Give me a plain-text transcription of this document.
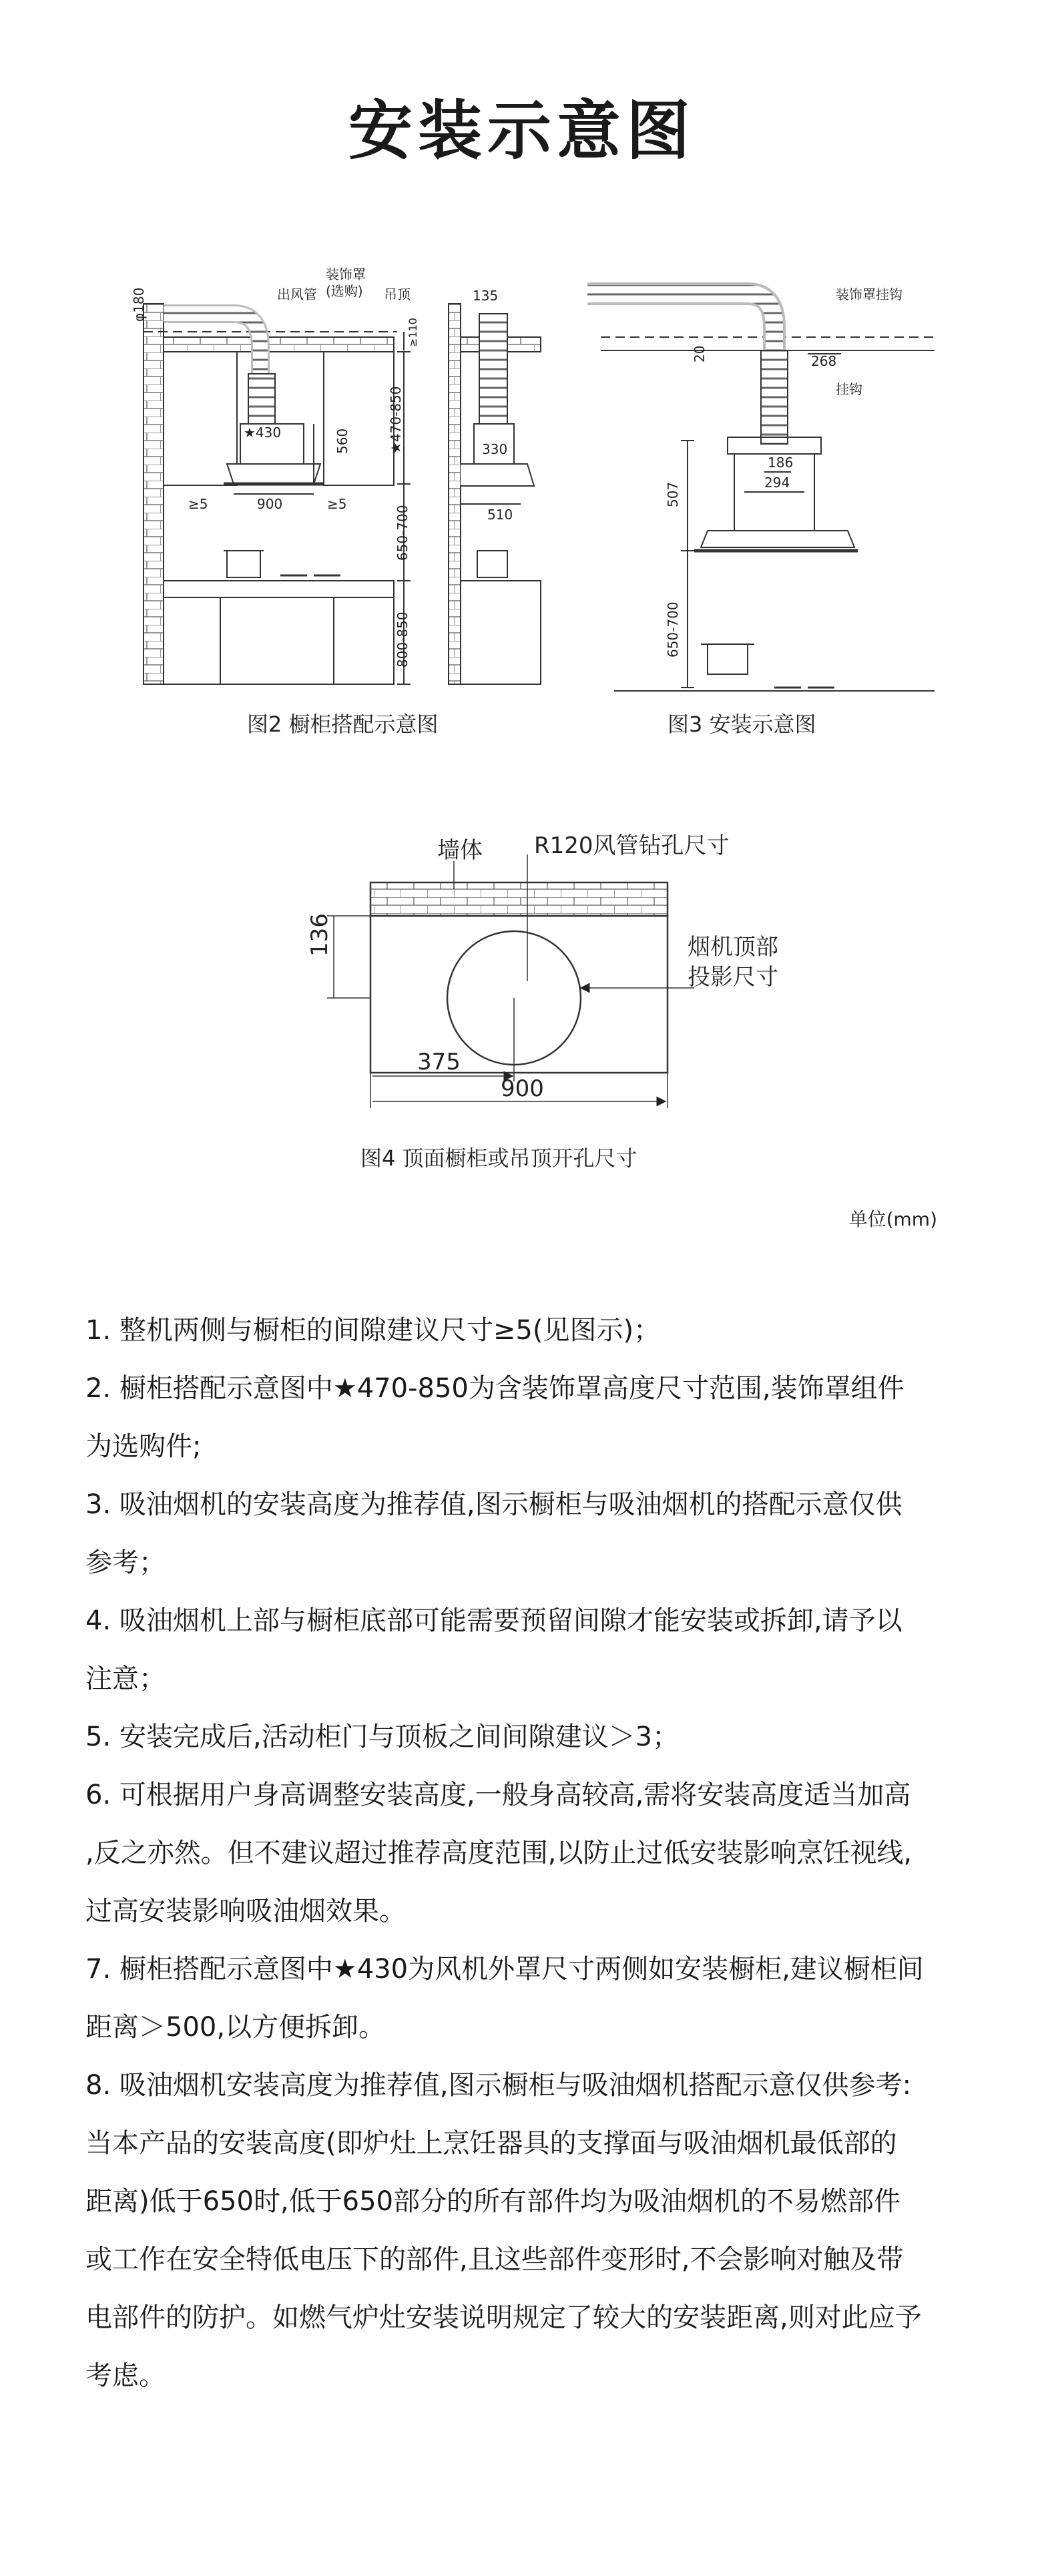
安装示意图
φ180	出风管
装饰罩
(选购) 吊顶
≥110
★470-850
★430	560
900
≥5	≥5
650-700
800-850
135
330
510
装饰罩挂钩
20	268
挂钩
186
294
507
650-700
墙体 R120风管钻孔尺寸
烟机顶部
投影尺寸
136
375
900
图2 橱柜搭配示意图	图3 安装示意图
图4 顶面橱柜或吊顶开孔尺寸
单位(mm)

1. 整机两侧与橱柜的间隙建议尺寸≥5(见图示)；

2. 橱柜搭配示意图中★470-850为含装饰罩高度尺寸范围,装饰罩组件

为选购件;

3. 吸油烟机的安装高度为推荐值,图示橱柜与吸油烟机的搭配示意仅供

参考；

4. 吸油烟机上部与橱柜底部可能需要预留间隙才能安装或拆卸,请予以

注意；

5. 安装完成后,活动柜门与顶板之间间隙建议＞3；

6. 可根据用户身高调整安装高度,一般身高较高,需将安装高度适当加高

,反之亦然。但不建议超过推荐高度范围,以防止过低安装影响烹饪视线,

过高安装影响吸油烟效果。

7. 橱柜搭配示意图中★430为风机外罩尺寸两侧如安装橱柜,建议橱柜间

距离＞500,以方便拆卸。

8. 吸油烟机安装高度为推荐值,图示橱柜与吸油烟机搭配示意仅供参考:

当本产品的安装高度(即炉灶上烹饪器具的支撑面与吸油烟机最低部的

距离)低于650时,低于650部分的所有部件均为吸油烟机的不易燃部件

或工作在安全特低电压下的部件,且这些部件变形时,不会影响对触及带

电部件的防护。如燃气炉灶安装说明规定了较大的安装距离,则对此应予

考虑。
